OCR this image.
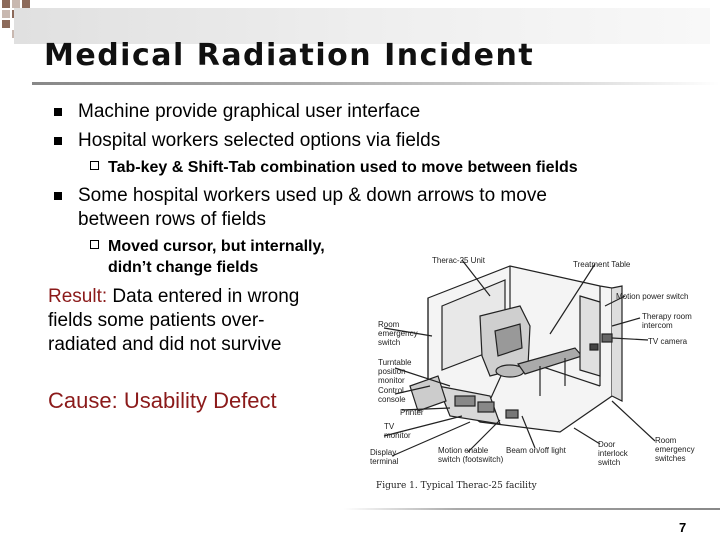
Medical Radiation Incident
Machine provide graphical user interface
Hospital workers selected options via fields
Tab-key & Shift-Tab combination used to move between fields
Some hospital workers used up & down arrows to move
between rows of fields
Moved cursor, but internally,
didn’t change fields
Result: Data entered in wrong
fields some patients over-
radiated and did not survive
Cause: Usability Defect
Therac-25 Unit	Treatment Table
Motion power switch
Therapy room
intercom
Room
emergency
switch	TV camera
Turntable
position
monitor
Control
console
Printer
TV
monitor
Display
terminal
Motion enable
switch (footswitch)
Beam on/off light
Door
interlock
switch
Room
emergency
switches
Figure 1. Typical Therac-25 facility
7
